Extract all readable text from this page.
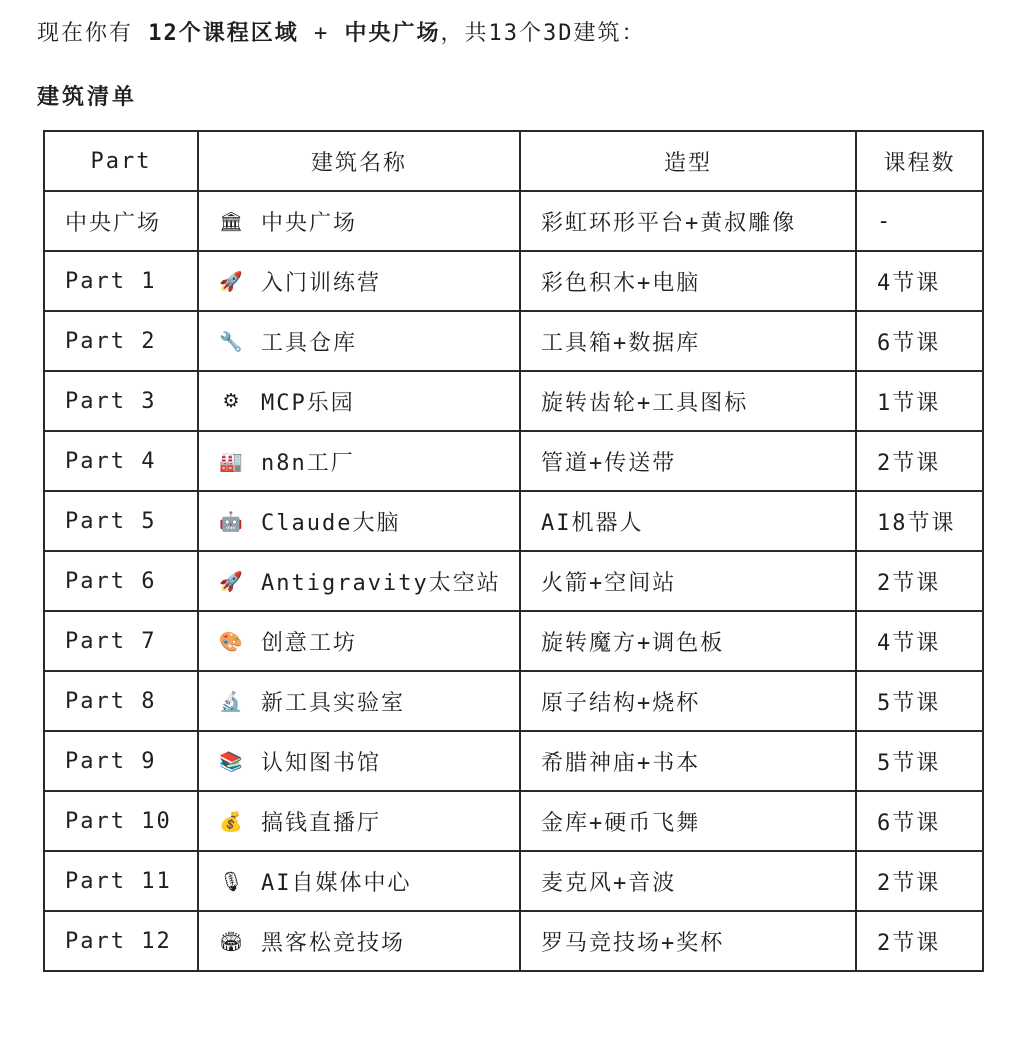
现在你有 12个课程区域 + 中央广场，共13个3D建筑：
建筑清单
Part	建筑名称	造型	课程数
中央广场	🏛 中央广场	彩虹环形平台+黄叔雕像	-
Part 1	🚀 入门训练营	彩色积木+电脑	4节课
Part 2	🔧 工具仓库	工具箱+数据库	6节课
Part 3	⚙ MCP乐园	旋转齿轮+工具图标	1节课
Part 4	🏭 n8n工厂	管道+传送带	2节课
Part 5	🤖 Claude大脑	AI机器人	18节课
Part 6	🚀 Antigravity太空站	火箭+空间站	2节课
Part 7	🎨 创意工坊	旋转魔方+调色板	4节课
Part 8	🔬 新工具实验室	原子结构+烧杯	5节课
Part 9	📚 认知图书馆	希腊神庙+书本	5节课
Part 10	💰 搞钱直播厅	金库+硬币飞舞	6节课
Part 11	🎙 AI自媒体中心	麦克风+音波	2节课
Part 12	🏟 黑客松竞技场	罗马竞技场+奖杯	2节课
